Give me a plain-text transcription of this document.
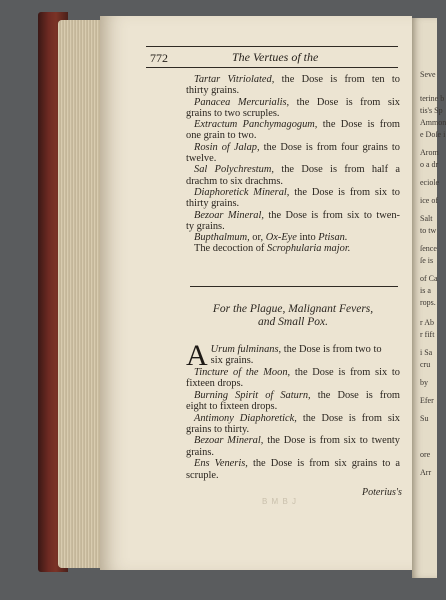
Seve
terine b
tis's Sp
Ammon
e Doſe i
Arom
o a dr
eciole
ice of
Salt
to tw
ſence
ſe is
of Ca
is a
rops.
r Ab
r fift
i Sa
cru
by
Efer
Su
ore
Arr
772	The Vertues of the

Tartar Vitriolated, the Dose is from ten to
thirty grains.

Panacea Mercurialis, the Dose is from six
grains to two scruples.

Extractum Panchymagogum, the Dose is from
one grain to two.

Rosin of Jalap, the Dose is from four grains to
twelve.

Sal Polychrestum, the Dose is from half a
drachm to six drachms.

Diaphoretick Mineral, the Dose is from six to
thirty grains.

Bezoar Mineral, the Dose is from six to twen-
ty grains.

Bupthalmum, or, Ox-Eye into Ptisan.

The decoction of Scrophularia major.

For the Plague, Malignant Fevers,
and Small Pox.

A Urum fulminans, the Dose is from two to
six grains.

Tincture of the Moon, the Dose is from six to
fixteen drops.

Burning Spirit of Saturn, the Dose is from
eight to fixteen drops.

Antimony Diaphoretick, the Dose is from six
grains to thirty.

Bezoar Mineral, the Dose is from six to twenty
grains.

Ens Veneris, the Dose is from six grains to a
scruple.

B M B J
Poterius's
